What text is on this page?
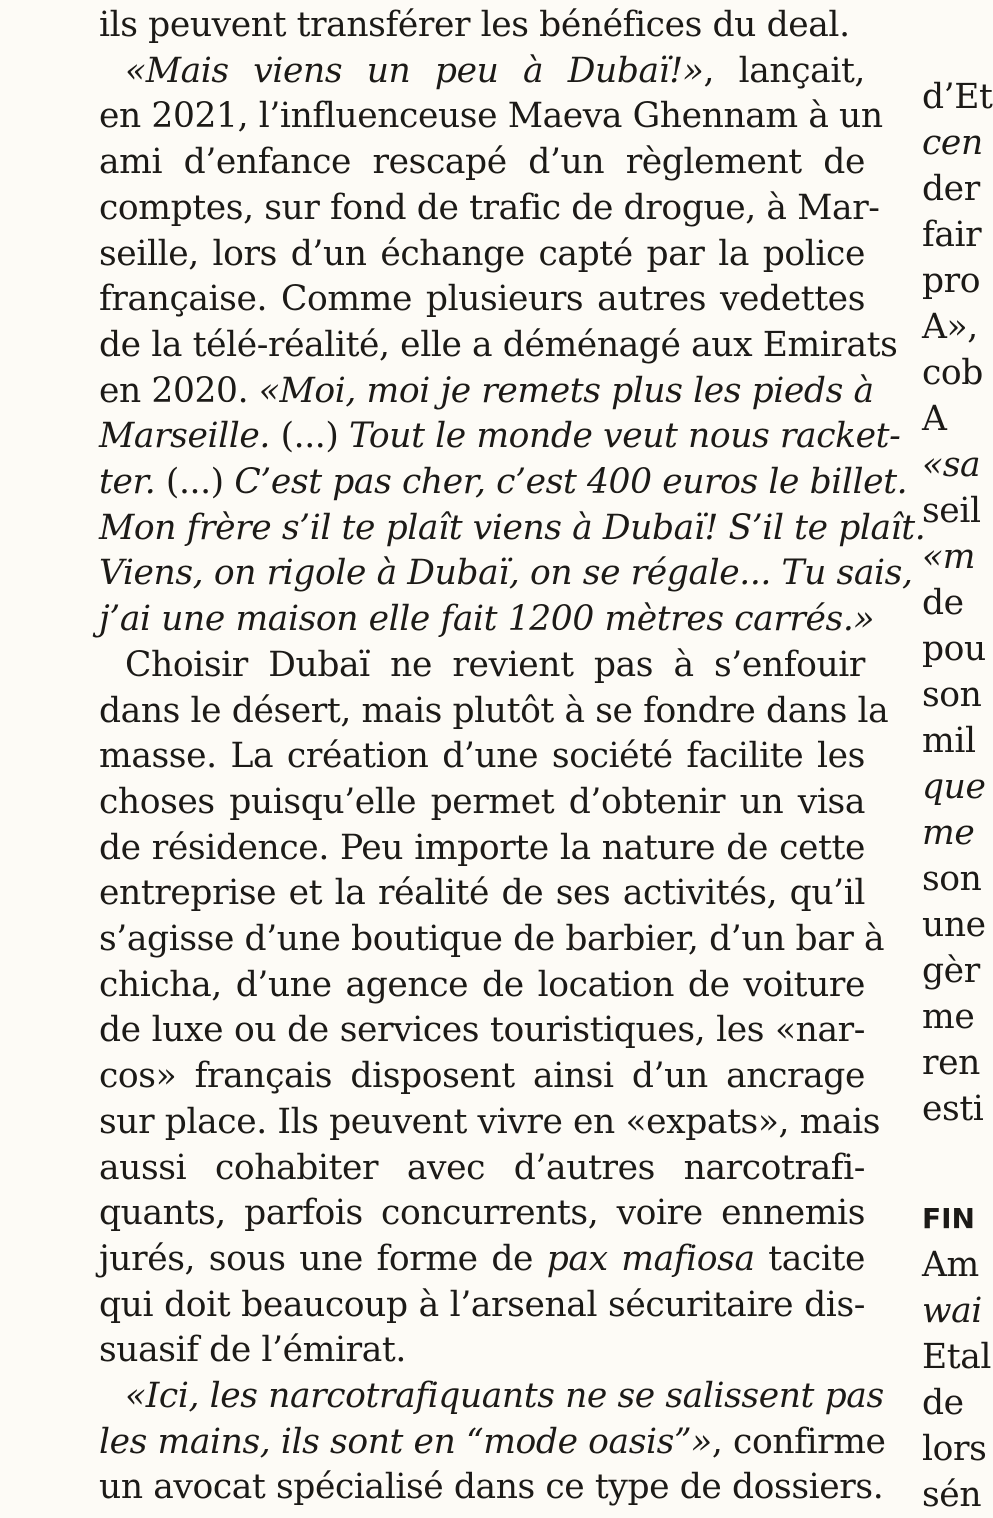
ils peuvent transférer les bénéfices du deal.
«Mais viens un peu à Dubaï!», lançait,
en 2021, l’influenceuse Maeva Ghennam à un
ami d’enfance rescapé d’un règlement de
comptes, sur fond de trafic de drogue, à Mar-
seille, lors d’un échange capté par la police
française. Comme plusieurs autres vedettes
de la télé-réalité, elle a déménagé aux Emirats
en 2020. «Moi, moi je remets plus les pieds à
Marseille. (...) Tout le monde veut nous racket-
ter. (...) C’est pas cher, c’est 400 euros le billet.
Mon frère s’il te plaît viens à Dubaï! S’il te plaît.
Viens, on rigole à Dubaï, on se régale... Tu sais,
j’ai une maison elle fait 1200 mètres carrés.»
Choisir Dubaï ne revient pas à s’enfouir
dans le désert, mais plutôt à se fondre dans la
masse. La création d’une société facilite les
choses puisqu’elle permet d’obtenir un visa
de résidence. Peu importe la nature de cette
entreprise et la réalité de ses activités, qu’il
s’agisse d’une boutique de barbier, d’un bar à
chicha, d’une agence de location de voiture
de luxe ou de services touristiques, les «nar-
cos» français disposent ainsi d’un ancrage
sur place. Ils peuvent vivre en «expats», mais
aussi cohabiter avec d’autres narcotrafi-
quants, parfois concurrents, voire ennemis
jurés, sous une forme de pax mafiosa tacite
qui doit beaucoup à l’arsenal sécuritaire dis-
suasif de l’émirat.
«Ici, les narcotrafiquants ne se salissent pas
les mains, ils sont en “mode oasis”», confirme
un avocat spécialisé dans ce type de dossiers.
d’Et
cen
der
fair
pro
A»,
cob
A
«sa
seil
«m
de
pou
son
mil
que
me
son
une
gèr
me
ren
esti
FIN
Am
wai
Etal
de
lors
sén
